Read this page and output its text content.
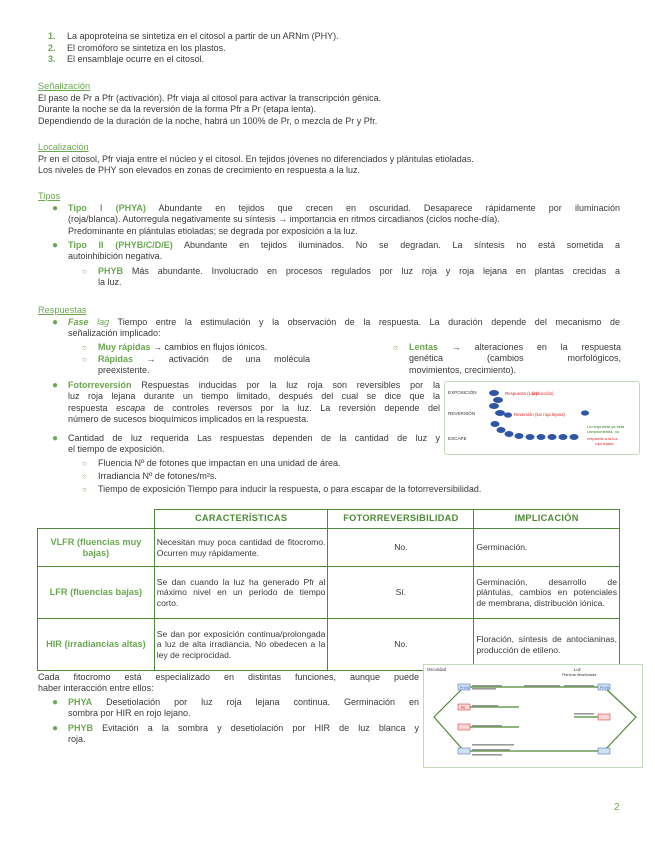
1. La apoproteína se sintetiza en el citosol a partir de un ARNm (PHY).
2. El cromóforo se sintetiza en los plastos.
3. El ensamblaje ocurre en el citosol.
Señalización
El paso de Pr a Pfr (activación). Pfr viaja al citosol para activar la transcripción génica.
Durante la noche se da la reversión de la forma Pfr a Pr (etapa lenta).
Dependiendo de la duración de la noche, habrá un 100% de Pr, o mezcla de Pr y Pfr.
Localización
Pr en el citosol, Pfr viaja entre el núcleo y el citosol. En tejidos jóvenes no diferenciados y plántulas etioladas.
Los niveles de PHY son elevados en zonas de crecimiento en respuesta a la luz.
Tipos
● Tipo I (PHYA) Abundante en tejidos que crecen en oscuridad. Desaparece rápidamente por iluminación
(roja/blanca). Autorregula negativamente su síntesis → importancia en ritmos circadianos (ciclos noche-día).
Predominante en plántulas etioladas; se degrada por exposición a la luz.
● Tipo II (PHYB/C/D/E) Abundante en tejidos iluminados. No se degradan. La síntesis no está sometida a
autoinhibición negativa.
○ PHYB Más abundante. Involucrado en procesos regulados por luz roja y roja lejana en plantas crecidas a
la luz.
Respuestas
● Fase lag Tiempo entre la estimulación y la observación de la respuesta. La duración depende del mecanismo de
señalización implicado:
○ Muy rápidas → cambios en flujos iónicos.
○ Rápidas → activación de una molécula
preexistente.
○ Lentas → alteraciones en la respuesta
genética (cambios morfológicos,
movimientos, crecimiento).
● Fotorreversión Respuestas inducidas por la luz roja son reversibles por la
luz roja lejana durante un tiempo limitado, después del cual se dice que la
respuesta escapa de controles reversos por la luz. La reversión depende del
número de sucesos bioquímicos implicados en la respuesta.
● Cantidad de luz requerida Las respuestas dependen de la cantidad de luz y
el tiempo de exposición.
○ Fluencia Nº de fotones que impactan en una unidad de área.
○ Irradiancia Nº de fotones/m²s.
○ Tiempo de exposición Tiempo para inducir la respuesta, o para escapar de la fotorreversibilidad.
EXPOSICIÓN
REVERSIÓN
ESCAPE
Respuesta (Luz)
(inducción)
Reversión (luz roja lejana)
La respuesta ya está
comprometida, no
responde a la luz
roja lejana
	CARACTERÍSTICAS	FOTORREVERSIBILIDAD	IMPLICACIÓN
VLFR (fluencias muy bajas)	Necesitan muy poca cantidad de fitocromo. Ocurren muy rápidamente.	No.	Germinación.
LFR (fluencias bajas)	Se dan cuando la luz ha generado Pfr al máximo nivel en un periodo de tiempo corto.	Sí.	Germinación, desarrollo de plántulas, cambios en potenciales de membrana, distribución iónica.
HIR (irradiancias altas)	Se dan por exposición continua/prolongada a luz de alta irradiancia. No obedecen a la ley de reciprocidad.	No.	Floración, síntesis de antocianinas, producción de etileno.
Cada fitocromo está especializado en distintas funciones, aunque puede
haber interacción entre ellos:
● PHYA Desetiolación por luz roja lejana continua. Germinación en
sombra por HIR en rojo lejano.
● PHYB Evitación a la sombra y desetiolación por HIR de luz blanca y
roja.
Oscuridad	Luz
Plántula desetiolada
PHYA	PHYB
Pfr
2
